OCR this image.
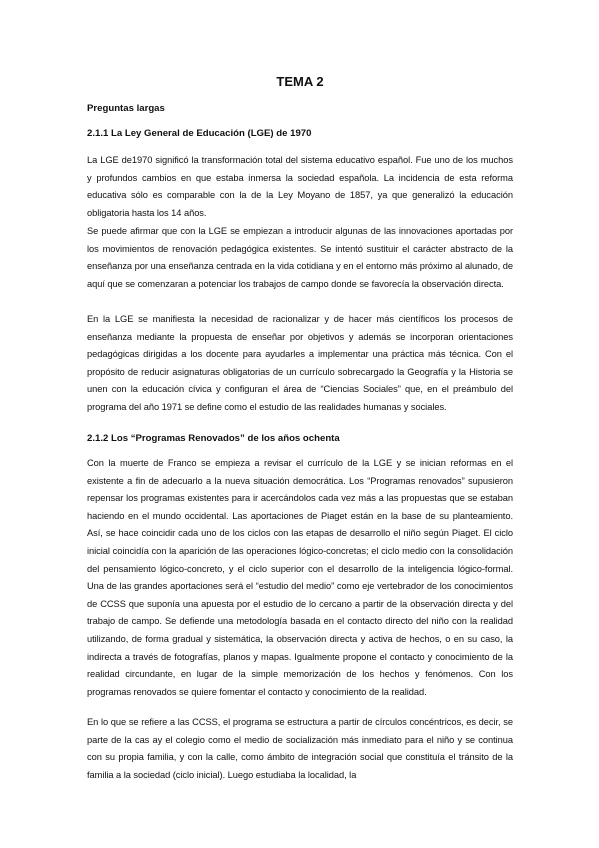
TEMA 2

Preguntas largas

2.1.1 La Ley General de Educación (LGE) de 1970

La LGE de1970 significó la transformación total del sistema educativo español. Fue uno de los muchos y profundos cambios en que estaba inmersa la sociedad española. La incidencia de esta reforma educativa sólo es comparable con la de la Ley Moyano de 1857, ya que generalizó la educación obligatoria hasta los 14 años.

Se puede afirmar que con la LGE se empiezan a introducir algunas de las innovaciones aportadas por los movimientos de renovación pedagógica existentes. Se intentó sustituir el carácter abstracto de la enseñanza por una enseñanza centrada en la vida cotidiana y en el entorno más próximo al alunado, de aquí que se comenzaran a potenciar los trabajos de campo donde se favorecía la observación directa.

En la LGE se manifiesta la necesidad de racionalizar y de hacer más científicos los procesos de enseñanza mediante la propuesta de enseñar por objetivos y además se incorporan orientaciones pedagógicas dirigidas a los docente para ayudarles a implementar una práctica más técnica. Con el propósito de reducir asignaturas obligatorias de un currículo sobrecargado la Geografía y la Historia se unen con la educación cívica y configuran el área de “Ciencias Sociales” que, en el preámbulo del programa del año 1971 se define como el estudio de las realidades humanas y sociales.

2.1.2 Los “Programas Renovados” de los años ochenta

Con la muerte de Franco se empieza a revisar el currículo de la LGE y se inician reformas en el existente a fin de adecuarlo a la nueva situación democrática. Los “Programas renovados” supusieron repensar los programas existentes para ir acercándolos cada vez más a las propuestas que se estaban haciendo en el mundo occidental. Las aportaciones de Piaget están en la base de su planteamiento. Así, se hace coincidir cada uno de los ciclos con las etapas de desarrollo el niño según Piaget. El ciclo inicial coincidía con la aparición de las operaciones lógico-concretas; el ciclo medio con la consolidación del pensamiento lógico-concreto, y el ciclo superior con el desarrollo de la inteligencia lógico-formal. Una de las grandes aportaciones será el “estudio del medio” como eje vertebrador de los conocimientos de CCSS que suponía una apuesta por el estudio de lo cercano a partir de la observación directa y del trabajo de campo. Se defiende una metodología basada en el contacto directo del niño con la realidad utilizando, de forma gradual y sistemática, la observación directa y activa de hechos, o en su caso, la indirecta a través de fotografías, planos y mapas. Igualmente propone el contacto y conocimiento de la realidad circundante, en lugar de la simple memorización de los hechos y fenómenos. Con los programas renovados se quiere fomentar el contacto y conocimiento de la realidad.

En lo que se refiere a las CCSS, el programa se estructura a partir de círculos concéntricos, es decir, se parte de la cas ay el colegio como el medio de socialización más inmediato para el niño y se continua con su propia familia, y con la calle, como ámbito de integración social que constituía el tránsito de la familia a la sociedad (ciclo inicial). Luego estudiaba la localidad, la
